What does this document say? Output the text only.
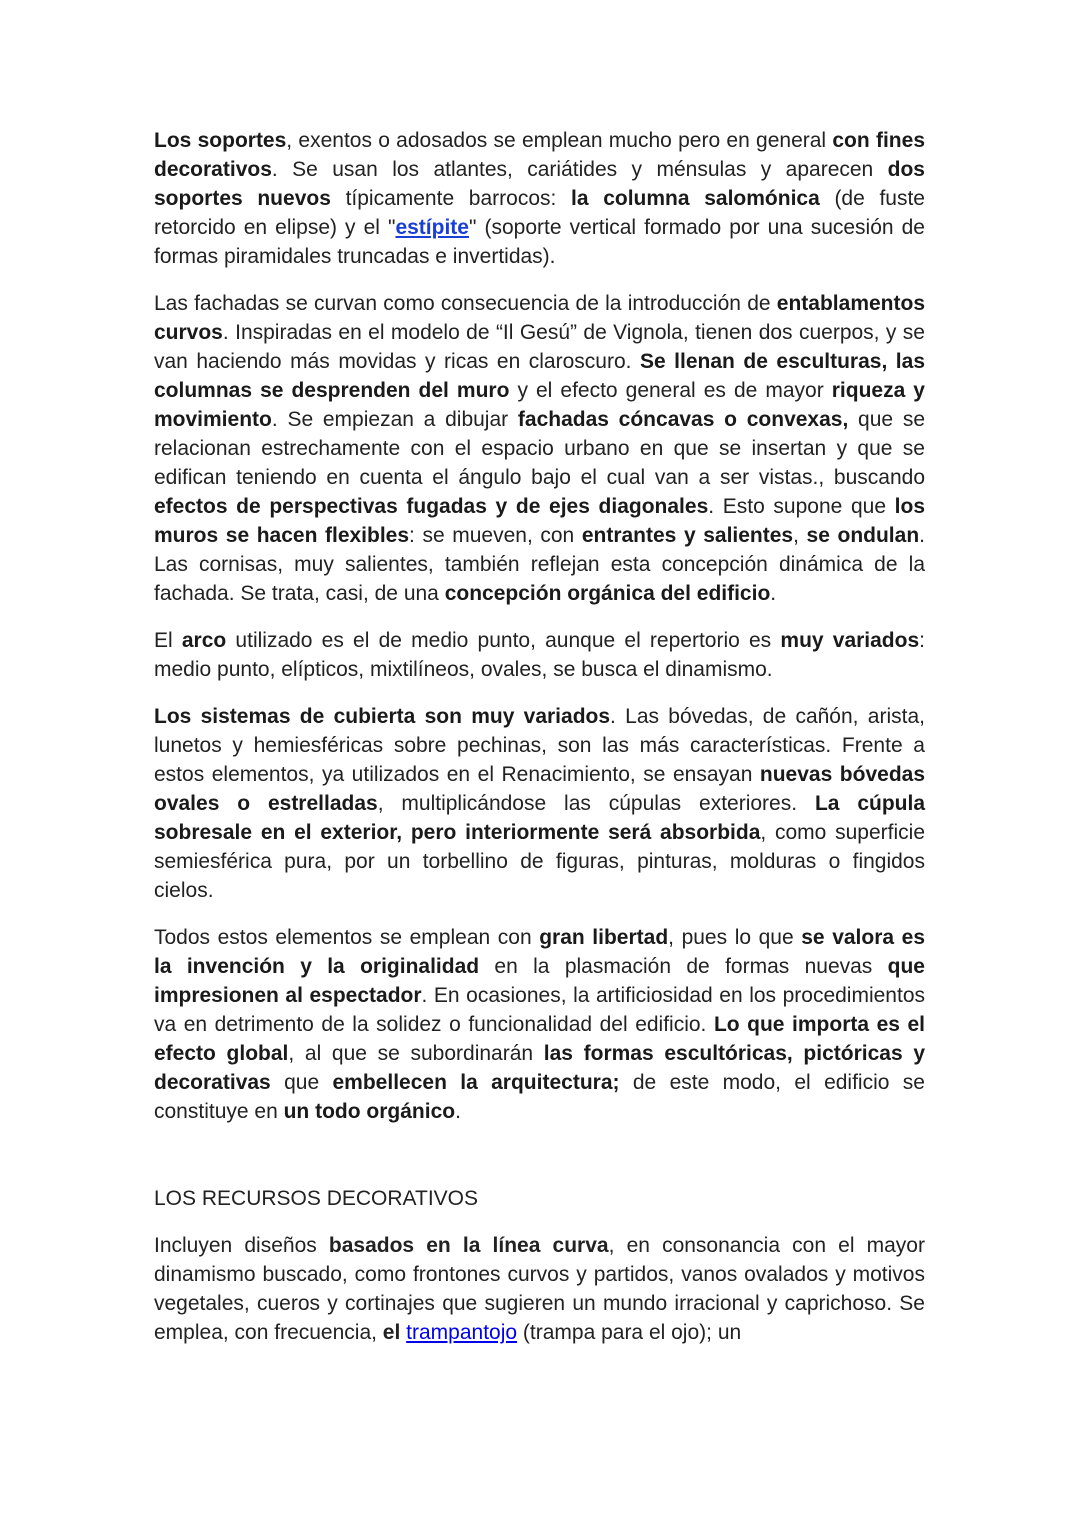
Los soportes, exentos o adosados se emplean mucho pero en general con fines decorativos. Se usan los atlantes, cariátides y ménsulas y aparecen dos soportes nuevos típicamente barrocos: la columna salomónica (de fuste retorcido en elipse) y el "estípite" (soporte vertical formado por una sucesión de formas piramidales truncadas e invertidas).

Las fachadas se curvan como consecuencia de la introducción de entablamentos curvos. Inspiradas en el modelo de “Il Gesú” de Vignola, tienen dos cuerpos, y se van haciendo más movidas y ricas en claroscuro. Se llenan de esculturas, las columnas se desprenden del muro y el efecto general es de mayor riqueza y movimiento. Se empiezan a dibujar fachadas cóncavas o convexas, que se relacionan estrechamente con el espacio urbano en que se insertan y que se edifican teniendo en cuenta el ángulo bajo el cual van a ser vistas., buscando efectos de perspectivas fugadas y de ejes diagonales. Esto supone que los muros se hacen flexibles: se mueven, con entrantes y salientes, se ondulan. Las cornisas, muy salientes, también reflejan esta concepción dinámica de la fachada. Se trata, casi, de una concepción orgánica del edificio.

El arco utilizado es el de medio punto, aunque el repertorio es muy variados: medio punto, elípticos, mixtilíneos, ovales, se busca el dinamismo.

Los sistemas de cubierta son muy variados. Las bóvedas, de cañón, arista, lunetos y hemiesféricas sobre pechinas, son las más características. Frente a estos elementos, ya utilizados en el Renacimiento, se ensayan nuevas bóvedas ovales o estrelladas, multiplicándose las cúpulas exteriores. La cúpula sobresale en el exterior, pero interiormente será absorbida, como superficie semiesférica pura, por un torbellino de figuras, pinturas, molduras o fingidos cielos.

Todos estos elementos se emplean con gran libertad, pues lo que se valora es la invención y la originalidad en la plasmación de formas nuevas que impresionen al espectador. En ocasiones, la artificiosidad en los procedimientos va en detrimento de la solidez o funcionalidad del edificio. Lo que importa es el efecto global, al que se subordinarán las formas escultóricas, pictóricas y decorativas que embellecen la arquitectura; de este modo, el edificio se constituye en un todo orgánico.

LOS RECURSOS DECORATIVOS

Incluyen diseños basados en la línea curva, en consonancia con el mayor dinamismo buscado, como frontones curvos y partidos, vanos ovalados y motivos vegetales, cueros y cortinajes que sugieren un mundo irracional y caprichoso. Se emplea, con frecuencia, el trampantojo (trampa para el ojo); un
